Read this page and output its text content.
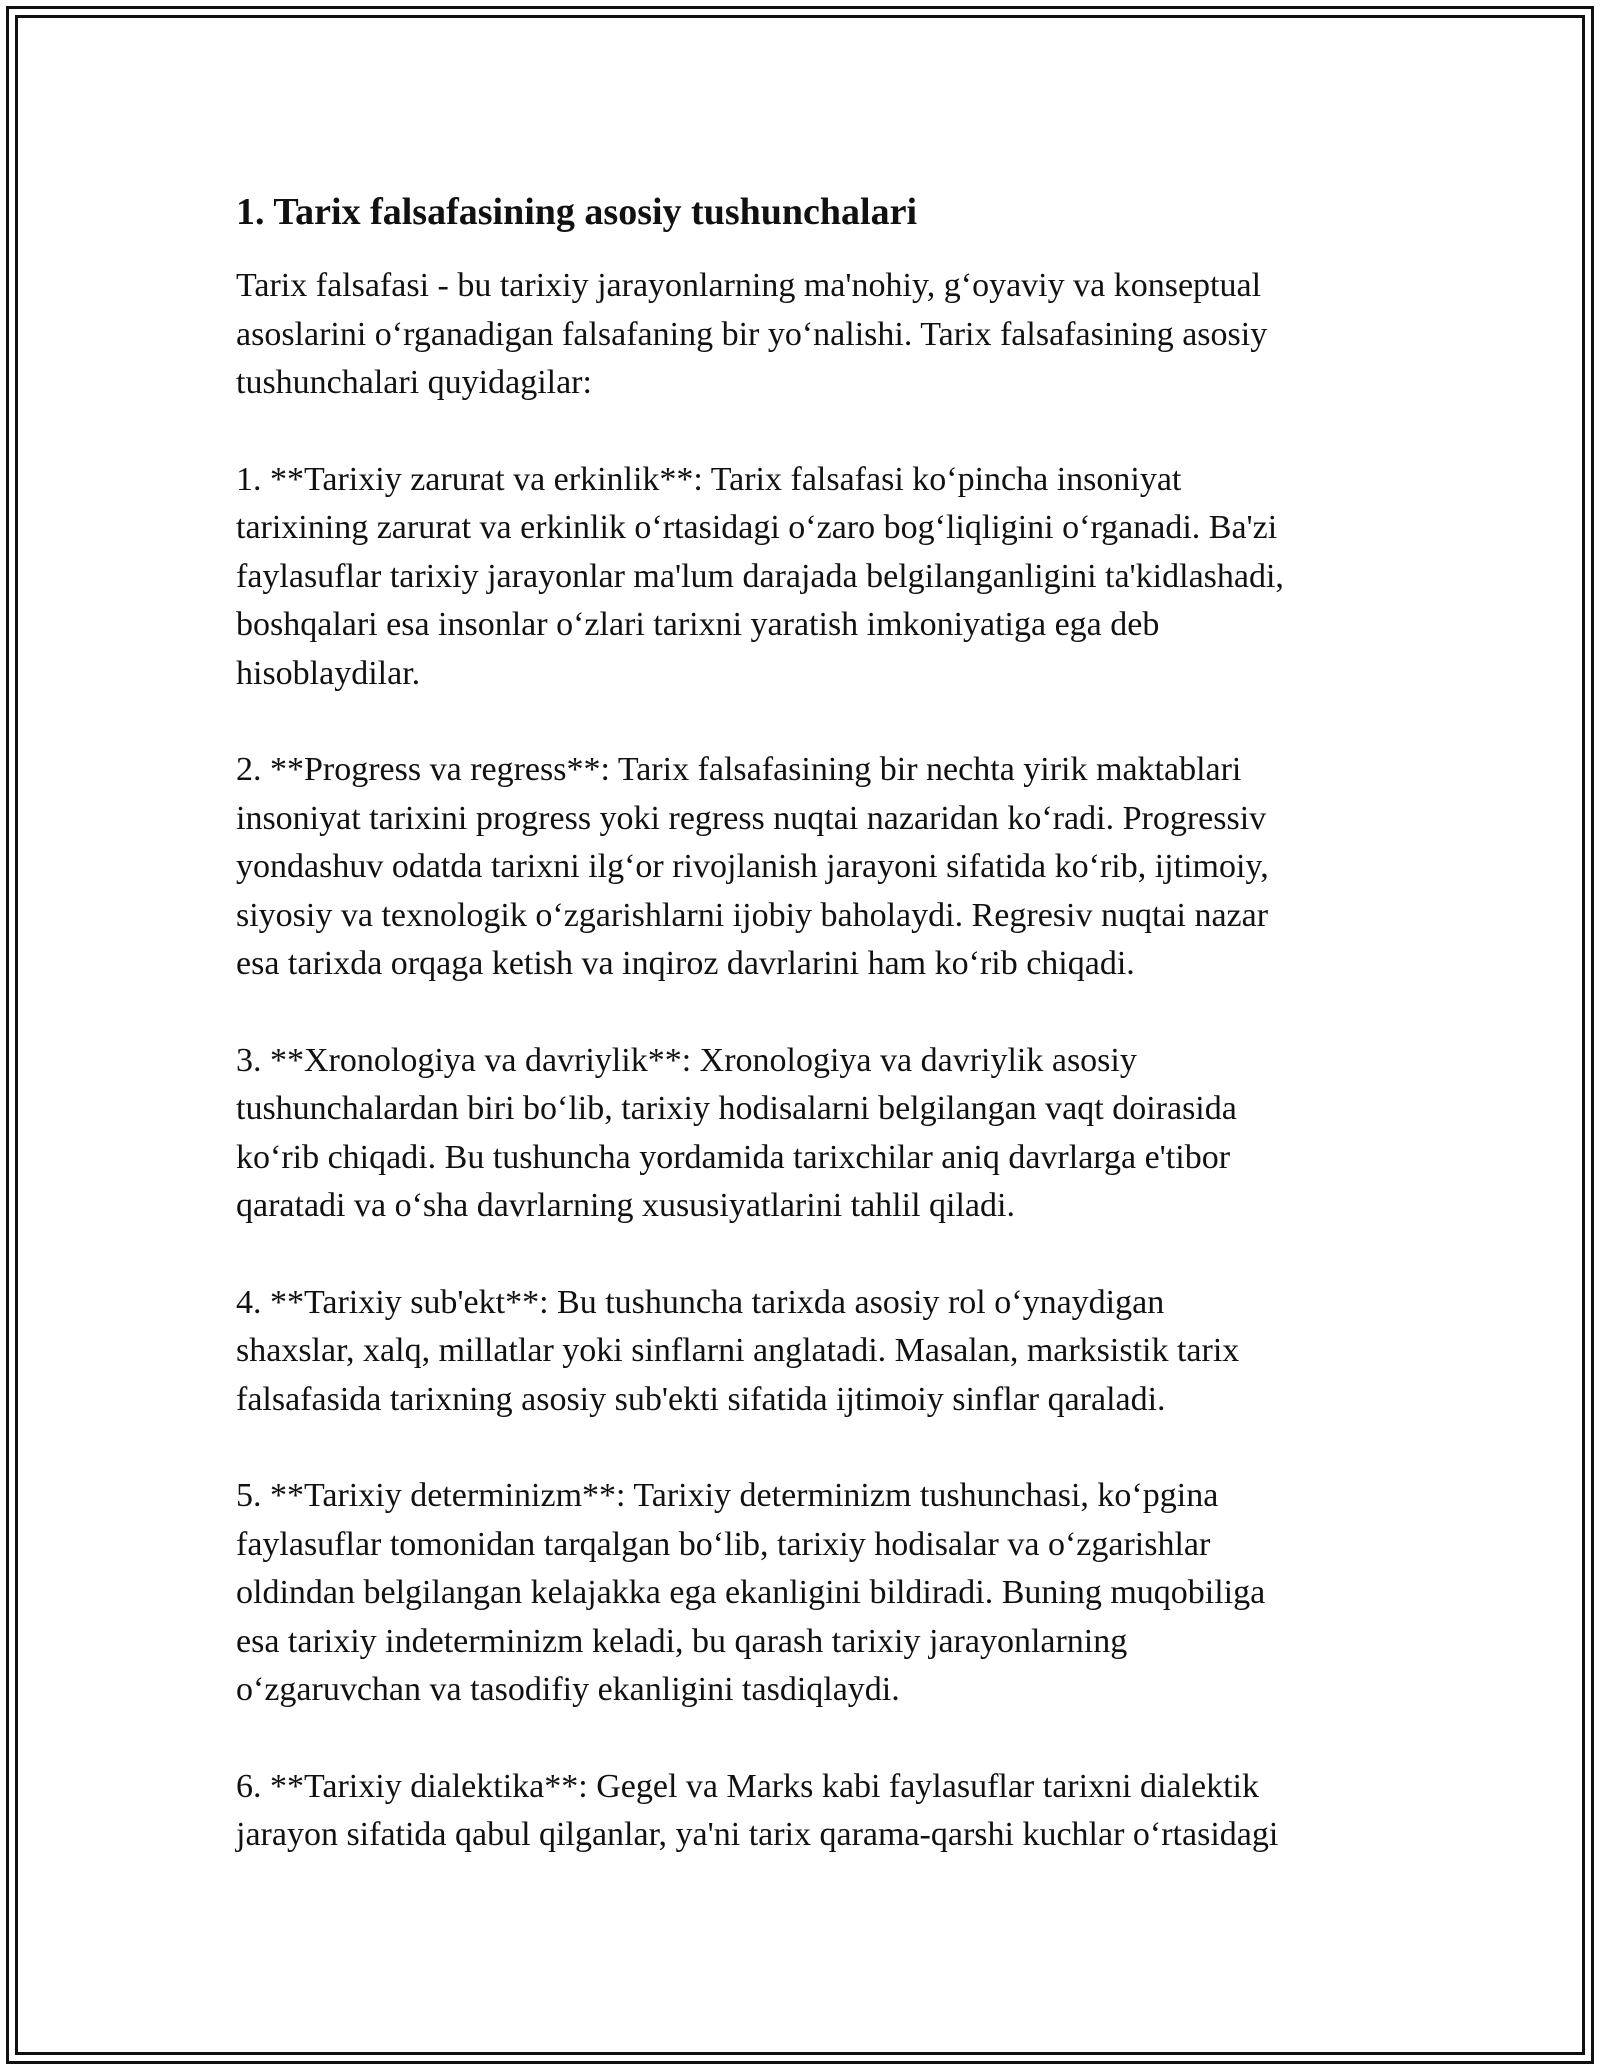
1. Tarix falsafasining asosiy tushunchalari

Tarix falsafasi - bu tarixiy jarayonlarning ma'nohiy, g‘oyaviy va konseptual
asoslarini o‘rganadigan falsafaning bir yo‘nalishi. Tarix falsafasining asosiy
tushunchalari quyidagilar:

1. **Tarixiy zarurat va erkinlik**: Tarix falsafasi ko‘pincha insoniyat
tarixining zarurat va erkinlik o‘rtasidagi o‘zaro bog‘liqligini o‘rganadi. Ba'zi
faylasuflar tarixiy jarayonlar ma'lum darajada belgilanganligini ta'kidlashadi,
boshqalari esa insonlar o‘zlari tarixni yaratish imkoniyatiga ega deb
hisoblaydilar.

2. **Progress va regress**: Tarix falsafasining bir nechta yirik maktablari
insoniyat tarixini progress yoki regress nuqtai nazaridan ko‘radi. Progressiv
yondashuv odatda tarixni ilg‘or rivojlanish jarayoni sifatida ko‘rib, ijtimoiy,
siyosiy va texnologik o‘zgarishlarni ijobiy baholaydi. Regresiv nuqtai nazar
esa tarixda orqaga ketish va inqiroz davrlarini ham ko‘rib chiqadi.

3. **Xronologiya va davriylik**: Xronologiya va davriylik asosiy
tushunchalardan biri bo‘lib, tarixiy hodisalarni belgilangan vaqt doirasida
ko‘rib chiqadi. Bu tushuncha yordamida tarixchilar aniq davrlarga e'tibor
qaratadi va o‘sha davrlarning xususiyatlarini tahlil qiladi.

4. **Tarixiy sub'ekt**: Bu tushuncha tarixda asosiy rol o‘ynaydigan
shaxslar, xalq, millatlar yoki sinflarni anglatadi. Masalan, marksistik tarix
falsafasida tarixning asosiy sub'ekti sifatida ijtimoiy sinflar qaraladi.

5. **Tarixiy determinizm**: Tarixiy determinizm tushunchasi, ko‘pgina
faylasuflar tomonidan tarqalgan bo‘lib, tarixiy hodisalar va o‘zgarishlar
oldindan belgilangan kelajakka ega ekanligini bildiradi. Buning muqobiliga
esa tarixiy indeterminizm keladi, bu qarash tarixiy jarayonlarning
o‘zgaruvchan va tasodifiy ekanligini tasdiqlaydi.

6. **Tarixiy dialektika**: Gegel va Marks kabi faylasuflar tarixni dialektik
jarayon sifatida qabul qilganlar, ya'ni tarix qarama-qarshi kuchlar o‘rtasidagi
